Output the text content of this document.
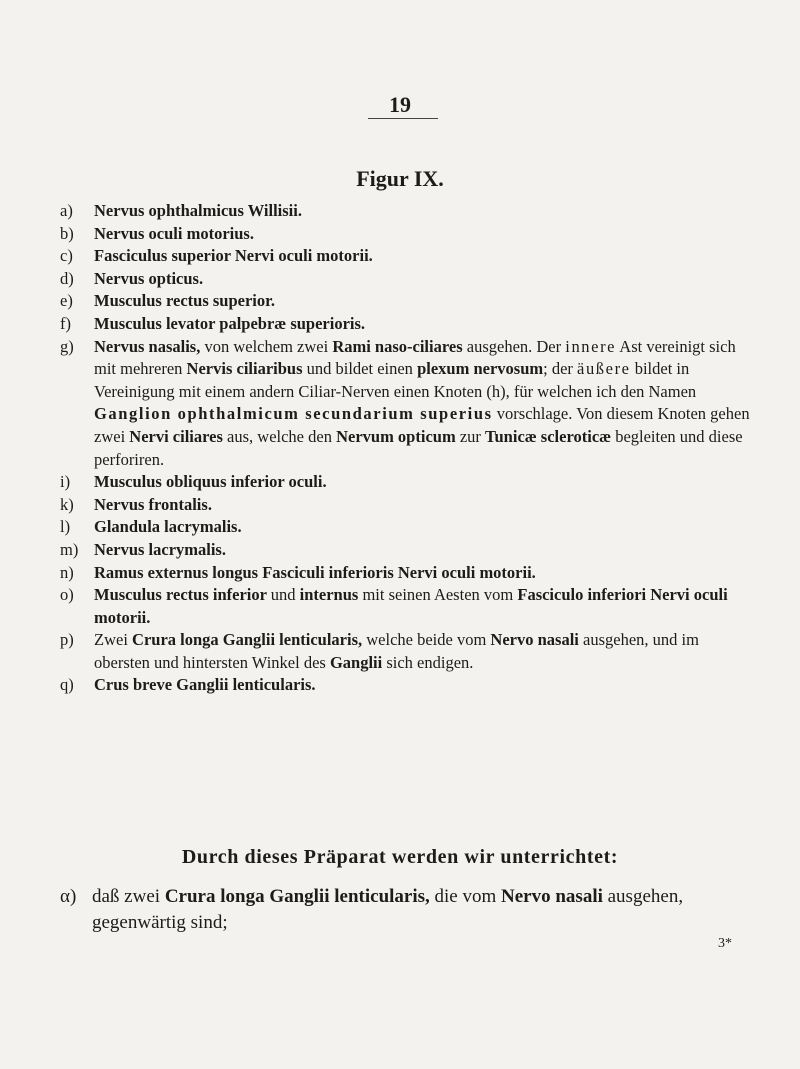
19
Figur IX.
a) Nervus ophthalmicus Willisii.
b) Nervus oculi motorius.
c) Fasciculus superior Nervi oculi motorii.
d) Nervus opticus.
e) Musculus rectus superior.
f) Musculus levator palpebræ superioris.
g) Nervus nasalis, von welchem zwei Rami naso-ciliares ausgehen. Der innere Ast vereinigt sich mit mehreren Nervis ciliaribus und bildet einen plexum nervosum; der äußere bildet in Vereinigung mit einem andern Ciliar-Nerven einen Knoten (h), für welchen ich den Namen Ganglion ophthalmicum secundarium superius vorschlage. Von diesem Knoten gehen zwei Nervi ciliares aus, welche den Nervum opticum zur Tunicæ scleroticæ begleiten und diese perforiren.
i) Musculus obliquus inferior oculi.
k) Nervus frontalis.
l) Glandula lacrymalis.
m) Nervus lacrymalis.
n) Ramus externus longus Fasciculi inferioris Nervi oculi motorii.
o) Musculus rectus inferior und internus mit seinen Aesten vom Fasciculo inferiori Nervi oculi motorii.
p) Zwei Crura longa Ganglii lenticularis, welche beide vom Nervo nasali ausgehen, und im obersten und hintersten Winkel des Ganglii sich endigen.
q) Crus breve Ganglii lenticularis.
Durch dieses Präparat werden wir unterrichtet:
α) daß zwei Crura longa Ganglii lenticularis, die vom Nervo nasali ausgehen, gegenwärtig sind;
3*
